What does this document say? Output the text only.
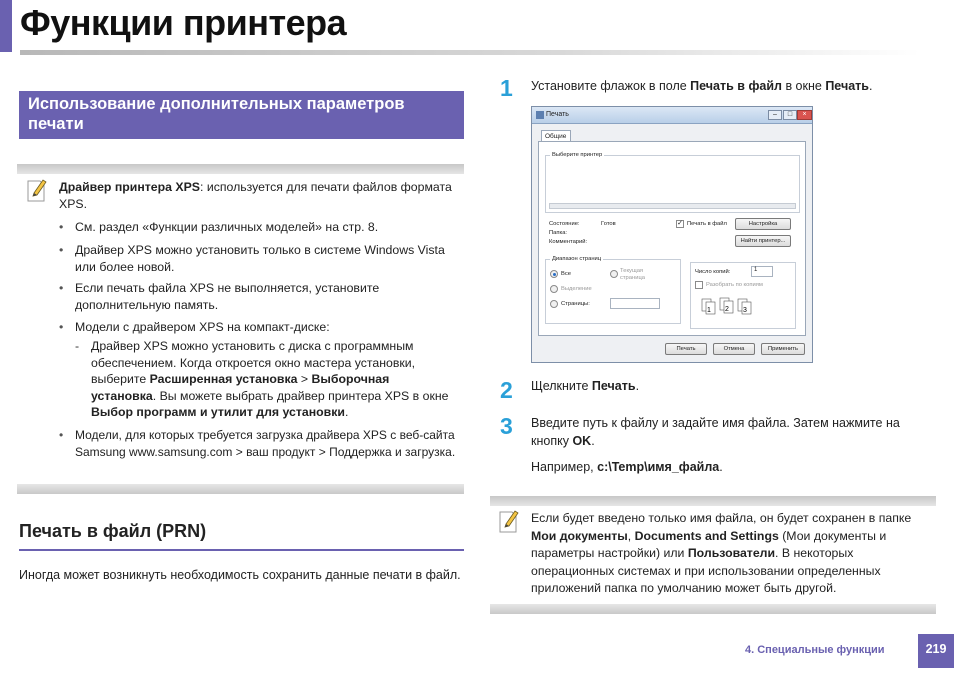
Функции принтера
Использование дополнительных параметров печати
Драйвер принтера XPS: используется для печати файлов формата XPS.
• См. раздел «Функции различных моделей» на стр. 8.
• Драйвер XPS можно установить только в системе Windows Vista или более новой.
• Если печать файла XPS не выполняется, установите дополнительную память.
• Модели с драйвером XPS на компакт-диске:
- Драйвер XPS можно установить с диска с программным обеспечением. Когда откроется окно мастера установки, выберите Расширенная установка > Выборочная установка. Вы можете выбрать драйвер принтера XPS в окне Выбор программ и утилит для установки.
• Модели, для которых требуется загрузка драйвера XPS с веб-сайта Samsung www.samsung.com > ваш продукт > Поддержка и загрузка.
Печать в файл (PRN)
Иногда может возникнуть необходимость сохранить данные печати в файл.
1 Установите флажок в поле Печать в файл в окне Печать.
Печать	–	□	×
Общие
Выберите принтер
Состояние:	Готов
Папка:
Комментарий:
✓ Печать в файл	Настройка
Найти принтер...
Диапазон страниц
Все
Выделение
Текущая страница
Страницы:
Число копий:	1
Разобрать по копиям
1 2 3
Печать	Отмена	Применить
2 Щелкните Печать.
3 Введите путь к файлу и задайте имя файла. Затем нажмите на кнопку OK.
Например, c:\Temp\имя_файла.
Если будет введено только имя файла, он будет сохранен в папке Мои документы, Documents and Settings (Мои документы и параметры настройки) или Пользователи. В некоторых операционных системах и при использовании определенных приложений папка по умолчанию может быть другой.
4. Специальные функции	219
